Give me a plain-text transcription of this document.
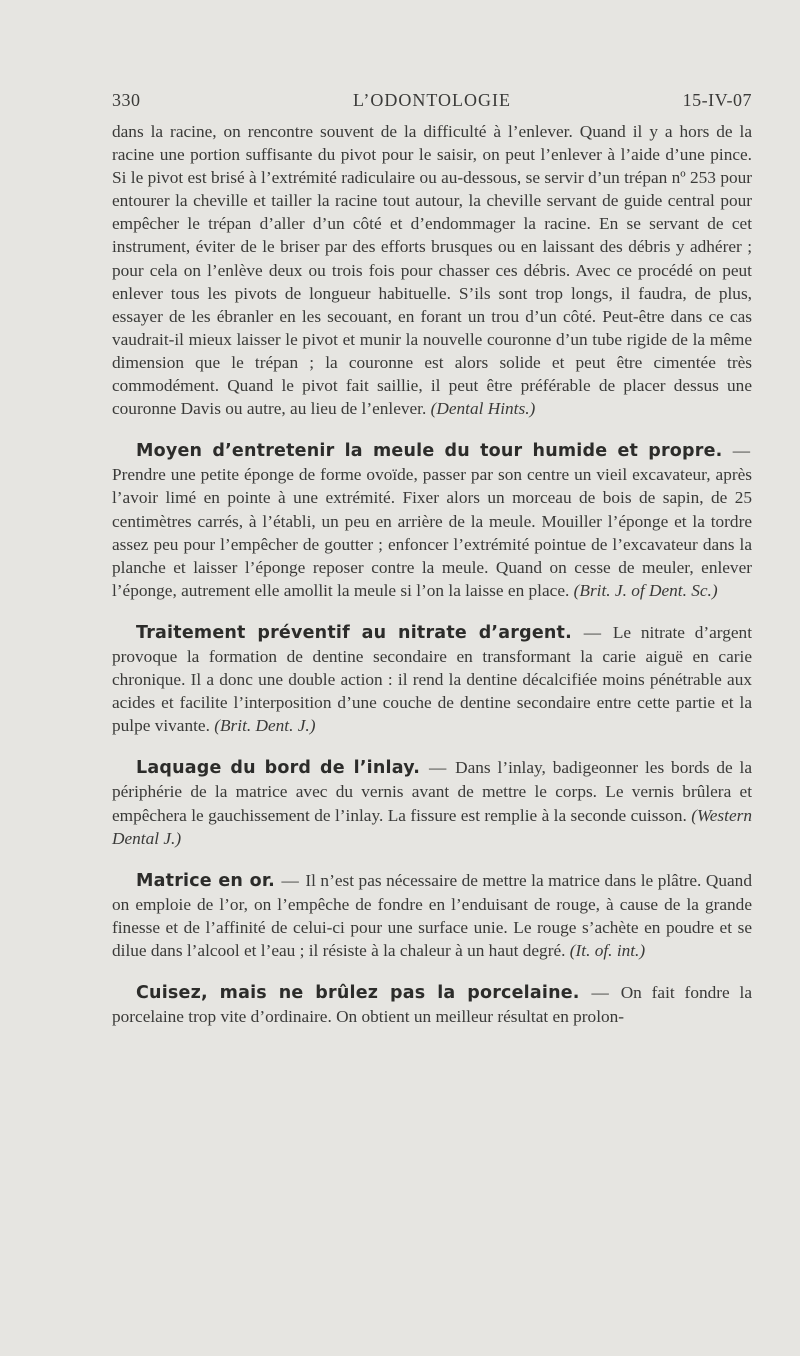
330	L’ODONTOLOGIE	15-IV-07

dans la racine, on rencontre souvent de la difficulté à l’enlever. Quand il y a hors de la racine une portion suffisante du pivot pour le saisir, on peut l’enlever à l’aide d’une pince. Si le pivot est brisé à l’extrémité radiculaire ou au-dessous, se servir d’un trépan nº 253 pour entourer la cheville et tailler la racine tout autour, la cheville servant de guide central pour empêcher le trépan d’aller d’un côté et d’endommager la racine. En se servant de cet instrument, éviter de le briser par des efforts brusques ou en laissant des débris y adhérer ; pour cela on l’enlève deux ou trois fois pour chasser ces débris. Avec ce procédé on peut enlever tous les pivots de longueur habituelle. S’ils sont trop longs, il faudra, de plus, essayer de les ébranler en les secouant, en forant un trou d’un côté. Peut-être dans ce cas vaudrait-il mieux laisser le pivot et munir la nouvelle couronne d’un tube rigide de la même dimension que le trépan ; la couronne est alors solide et peut être cimentée très commodément. Quand le pivot fait saillie, il peut être préférable de placer dessus une couronne Davis ou autre, au lieu de l’enlever. (Dental Hints.)

Moyen d’entretenir la meule du tour humide et propre. — Prendre une petite éponge de forme ovoïde, passer par son centre un vieil excavateur, après l’avoir limé en pointe à une extrémité. Fixer alors un morceau de bois de sapin, de 25 centimètres carrés, à l’établi, un peu en arrière de la meule. Mouiller l’éponge et la tordre assez peu pour l’empêcher de goutter ; enfoncer l’extrémité pointue de l’excavateur dans la planche et laisser l’éponge reposer contre la meule. Quand on cesse de meuler, enlever l’éponge, autrement elle amollit la meule si l’on la laisse en place. (Brit. J. of Dent. Sc.)

Traitement préventif au nitrate d’argent. — Le nitrate d’argent provoque la formation de dentine secondaire en transformant la carie aiguë en carie chronique. Il a donc une double action : il rend la dentine décalcifiée moins pénétrable aux acides et facilite l’interposition d’une couche de dentine secondaire entre cette partie et la pulpe vivante. (Brit. Dent. J.)

Laquage du bord de l’inlay. — Dans l’inlay, badigeonner les bords de la périphérie de la matrice avec du vernis avant de mettre le corps. Le vernis brûlera et empêchera le gauchissement de l’inlay. La fissure est remplie à la seconde cuisson. (Western Dental J.)

Matrice en or. — Il n’est pas nécessaire de mettre la matrice dans le plâtre. Quand on emploie de l’or, on l’empêche de fondre en l’enduisant de rouge, à cause de la grande finesse et de l’affinité de celui-ci pour une surface unie. Le rouge s’achète en poudre et se dilue dans l’alcool et l’eau ; il résiste à la chaleur à un haut degré. (It. of. int.)

Cuisez, mais ne brûlez pas la porcelaine. — On fait fondre la porcelaine trop vite d’ordinaire. On obtient un meilleur résultat en prolon-
